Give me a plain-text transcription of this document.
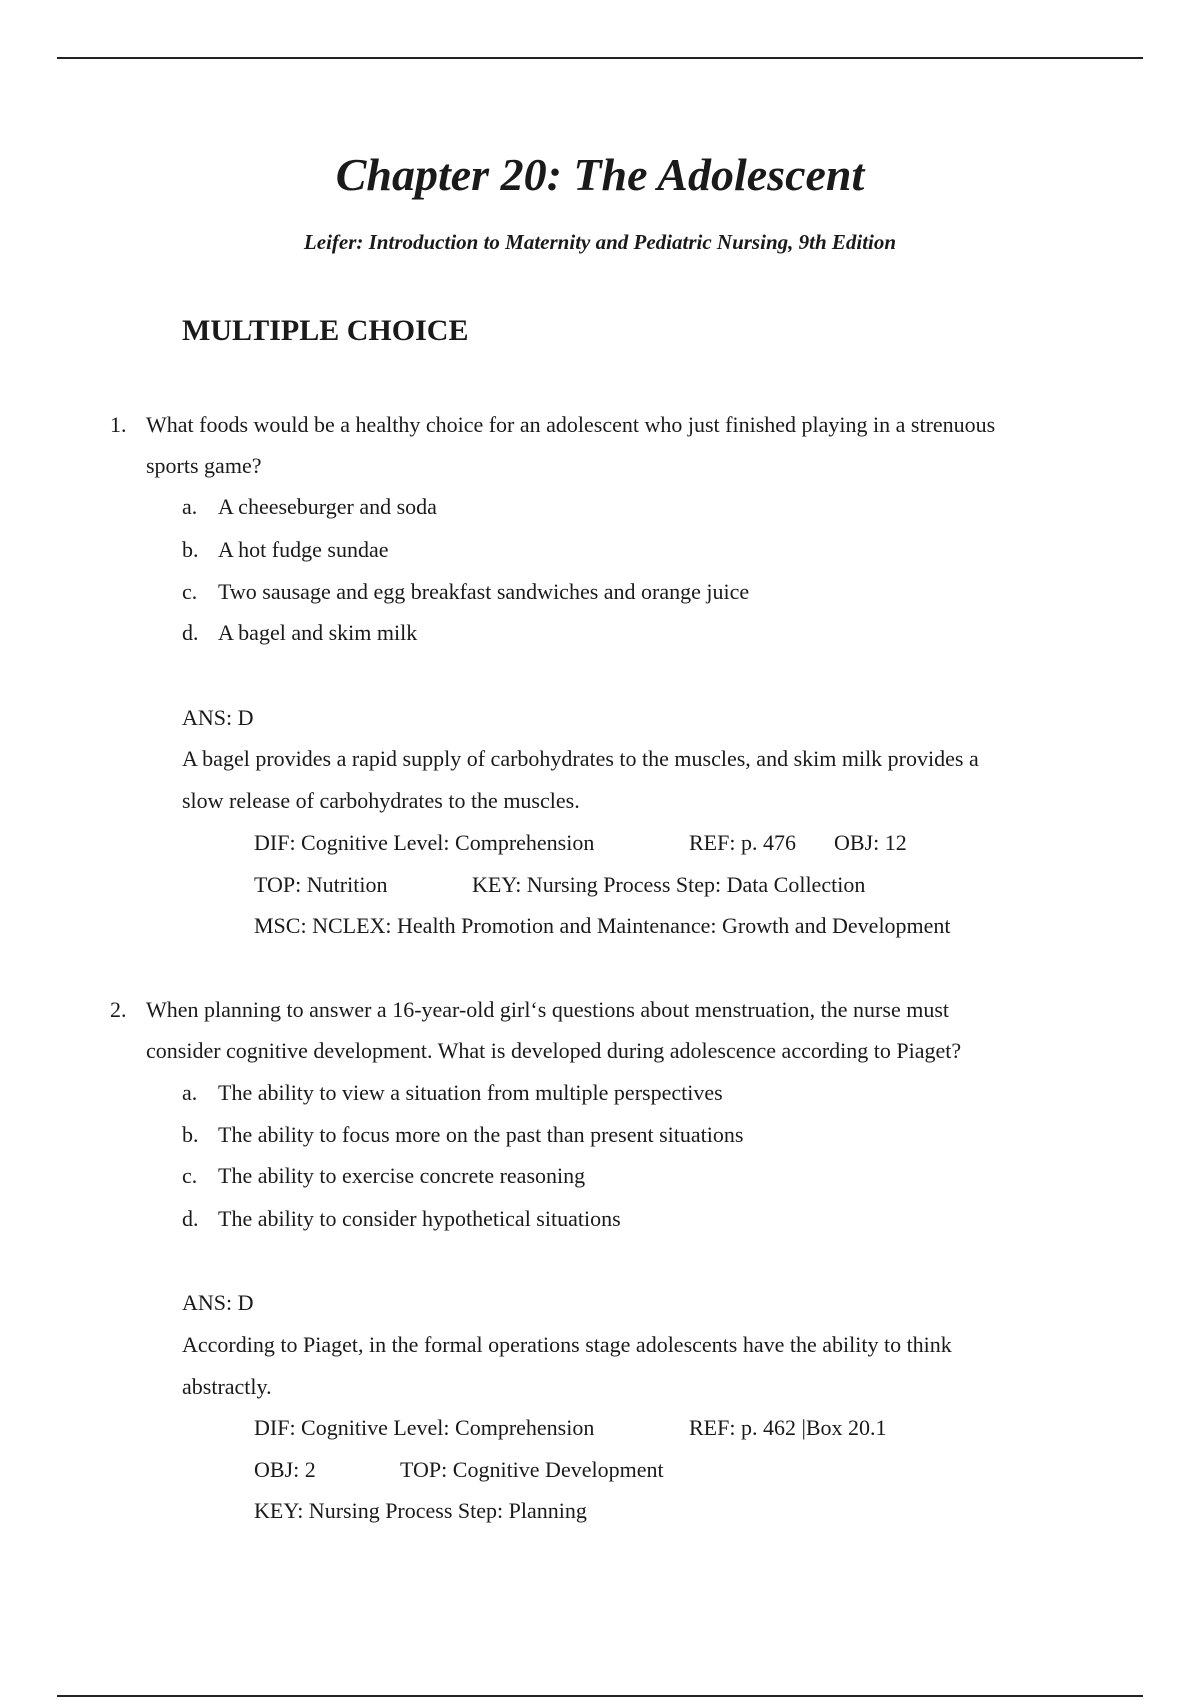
Chapter 20: The Adolescent
Leifer: Introduction to Maternity and Pediatric Nursing, 9th Edition
MULTIPLE CHOICE
1. What foods would be a healthy choice for an adolescent who just finished playing in a strenuous
sports game?
a. A cheeseburger and soda
b. A hot fudge sundae
c. Two sausage and egg breakfast sandwiches and orange juice
d. A bagel and skim milk
ANS: D
A bagel provides a rapid supply of carbohydrates to the muscles, and skim milk provides a
slow release of carbohydrates to the muscles.
DIF: Cognitive Level: Comprehension	REF: p. 476 OBJ: 12
TOP: Nutrition	KEY: Nursing Process Step: Data Collection
MSC: NCLEX: Health Promotion and Maintenance: Growth and Development
2. When planning to answer a 16-year-old girl‘s questions about menstruation, the nurse must
consider cognitive development. What is developed during adolescence according to Piaget?
a. The ability to view a situation from multiple perspectives
b. The ability to focus more on the past than present situations
c. The ability to exercise concrete reasoning
d. The ability to consider hypothetical situations
ANS: D
According to Piaget, in the formal operations stage adolescents have the ability to think
abstractly.
DIF: Cognitive Level: Comprehension	REF: p. 462 |Box 20.1
OBJ: 2	TOP: Cognitive Development
KEY: Nursing Process Step: Planning
